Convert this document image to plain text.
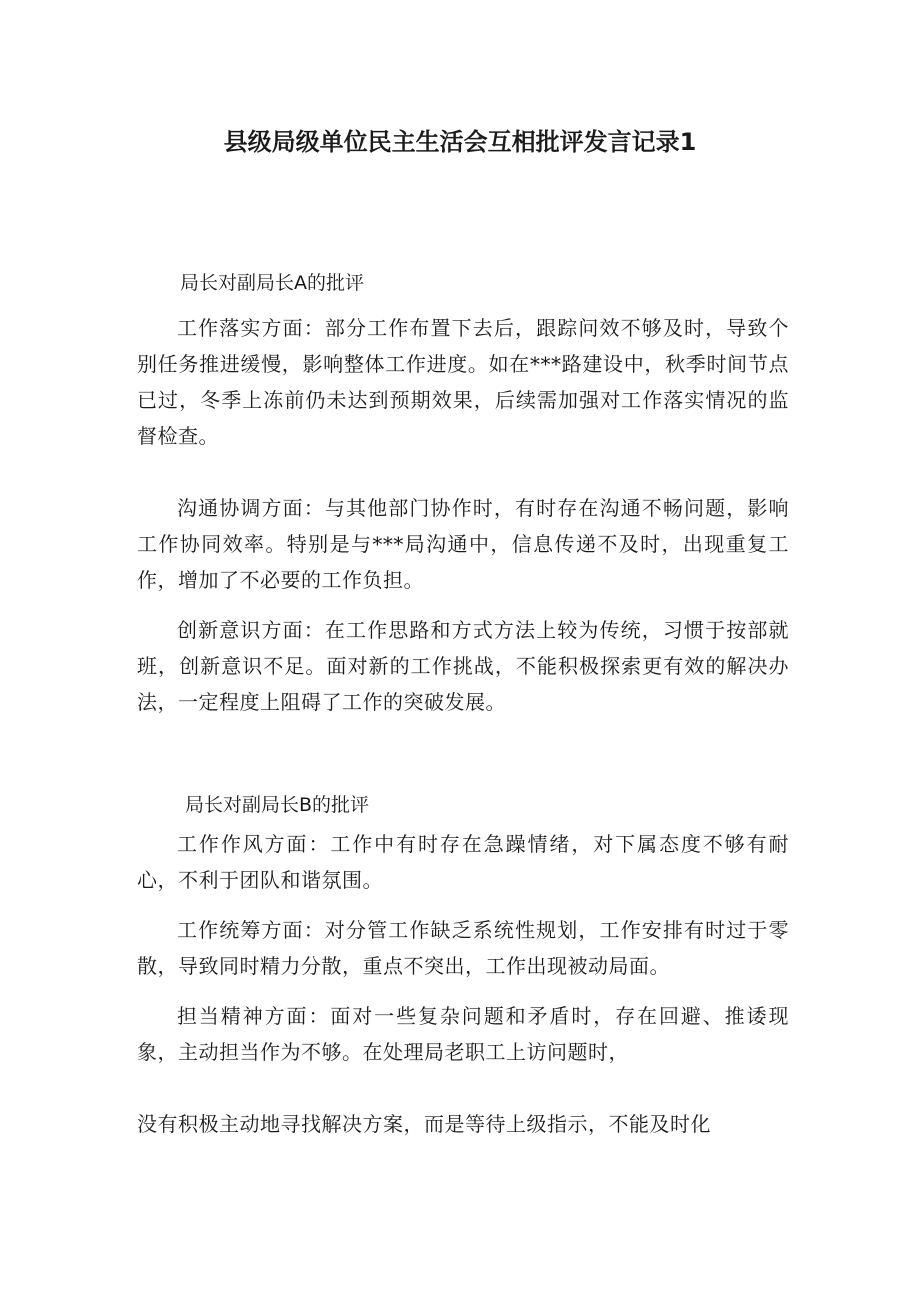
县级局级单位民主生活会互相批评发言记录1

局长对副局长A的批评

工作落实方面：部分工作布置下去后，跟踪问效不够及时，导致个别任务推进缓慢，影响整体工作进度。如在***路建设中，秋季时间节点已过，冬季上冻前仍未达到预期效果，后续需加强对工作落实情况的监督检查。

沟通协调方面：与其他部门协作时，有时存在沟通不畅问题，影响工作协同效率。特别是与***局沟通中，信息传递不及时，出现重复工作，增加了不必要的工作负担。

创新意识方面：在工作思路和方式方法上较为传统，习惯于按部就班，创新意识不足。面对新的工作挑战，不能积极探索更有效的解决办法，一定程度上阻碍了工作的突破发展。

局长对副局长B的批评

工作作风方面：工作中有时存在急躁情绪，对下属态度不够有耐心，不利于团队和谐氛围。

工作统筹方面：对分管工作缺乏系统性规划，工作安排有时过于零散，导致同时精力分散，重点不突出，工作出现被动局面。

担当精神方面：面对一些复杂问题和矛盾时，存在回避、推诿现象，主动担当作为不够。在处理局老职工上访问题时，

没有积极主动地寻找解决方案，而是等待上级指示，不能及时化
